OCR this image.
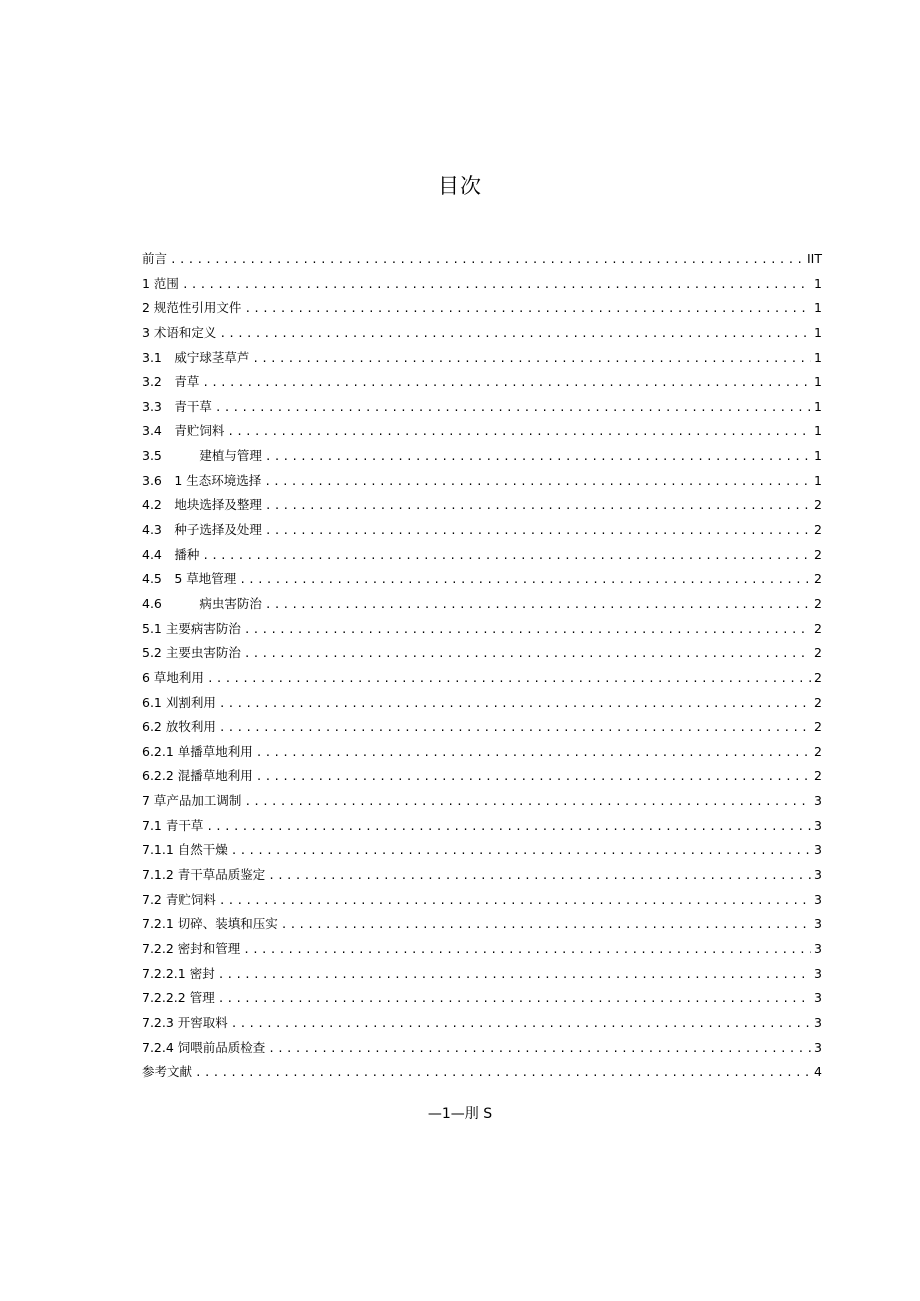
目次
前言 .....	IIT
1 范围 .....	1
2 规范性引用文件 .....	1
3 术语和定义 .....	1
3.1　威宁球茎草芦 .....	1
3.2　青草 .....	1
3.3　青干草 .....	1
3.4　青贮饲料 .....	1
3.5　　　建植与管理 .....	1
3.6　1 生态环境选择 .....	1
4.2　地块选择及整理 .....	2
4.3　种子选择及处理 .....	2
4.4　播种 .....	2
4.5　5 草地管理 .....	2
4.6　　　病虫害防治 .....	2
5.1 主要病害防治 .....	2
5.2 主要虫害防治 .....	2
6 草地利用 .....	2
6.1 刈割利用 .....	2
6.2 放牧利用 .....	2
6.2.1 单播草地利用 .....	2
6.2.2 混播草地利用 .....	2
7 草产品加工调制 .....	3
7.1 青干草 .....	3
7.1.1 自然干燥 .....	3
7.1.2 青干草品质鉴定 .....	3
7.2 青贮饲料 .....	3
7.2.1 切碎、装填和压实 .....	3
7.2.2 密封和管理 .....	3
7.2.2.1 密封 .....	3
7.2.2.2 管理 .....	3
7.2.3 开窖取料 .....	3
7.2.4 饲喂前品质检查 .....	3
参考文献 .....	4
—1—刖 S
